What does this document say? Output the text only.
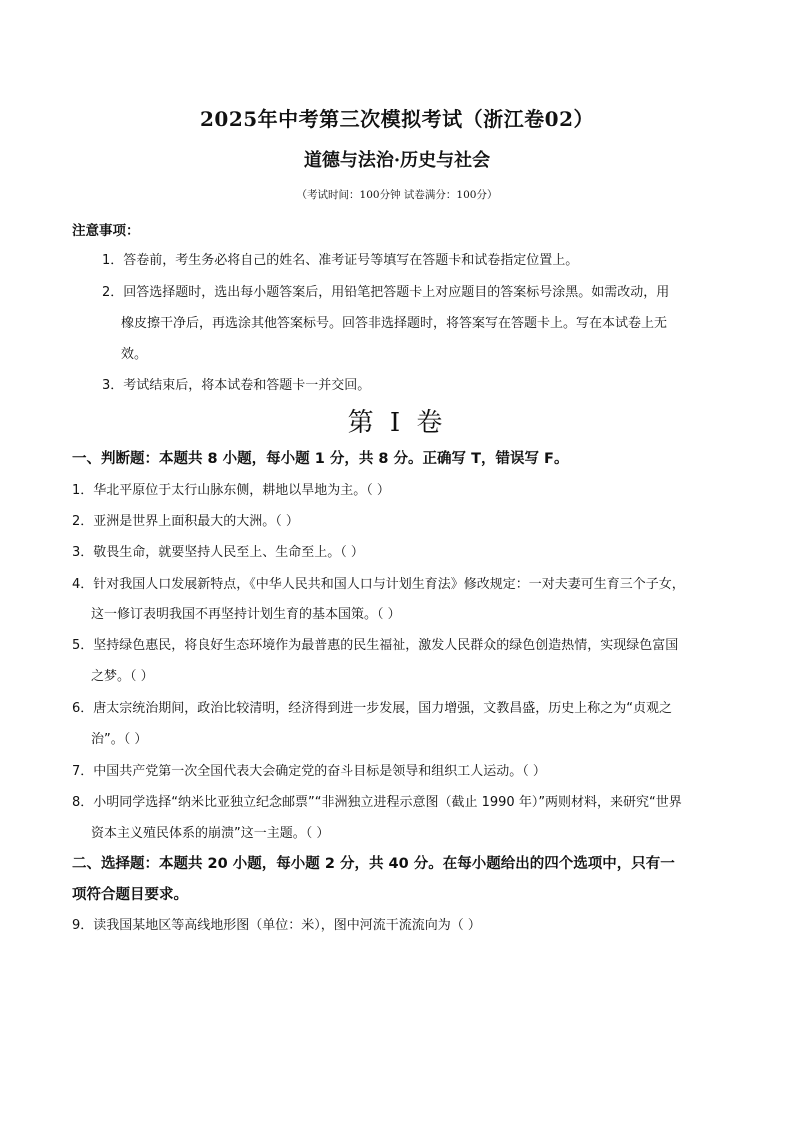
2025年中考第三次模拟考试（浙江卷02）
道德与法治·历史与社会
（考试时间：100分钟 试卷满分：100分）
注意事项：
1．答卷前，考生务必将自己的姓名、准考证号等填写在答题卡和试卷指定位置上。
2．回答选择题时，选出每小题答案后，用铅笔把答题卡上对应题目的答案标号涂黑。如需改动，用
橡皮擦干净后，再选涂其他答案标号。回答非选择题时，将答案写在答题卡上。写在本试卷上无
效。
3．考试结束后，将本试卷和答题卡一并交回。
第 I 卷
一、判断题：本题共 8 小题，每小题 1 分，共 8 分。正确写 T，错误写 F。
1．华北平原位于太行山脉东侧，耕地以旱地为主。（ ）
2．亚洲是世界上面积最大的大洲。（ ）
3．敬畏生命，就要坚持人民至上、生命至上。（ ）
4．针对我国人口发展新特点，《中华人民共和国人口与计划生育法》修改规定：一对夫妻可生育三个子女，
这一修订表明我国不再坚持计划生育的基本国策。（ ）
5．坚持绿色惠民，将良好生态环境作为最普惠的民生福祉，激发人民群众的绿色创造热情，实现绿色富国
之梦。（ ）
6．唐太宗统治期间，政治比较清明，经济得到进一步发展，国力增强，文教昌盛，历史上称之为“贞观之
治”。（ ）
7．中国共产党第一次全国代表大会确定党的奋斗目标是领导和组织工人运动。（ ）
8．小明同学选择“纳米比亚独立纪念邮票”“非洲独立进程示意图（截止 1990 年）”两则材料，来研究“世界
资本主义殖民体系的崩溃”这一主题。（ ）
二、选择题：本题共 20 小题，每小题 2 分，共 40 分。在每小题给出的四个选项中，只有一
项符合题目要求。
9．读我国某地区等高线地形图（单位：米），图中河流干流流向为（ ）
